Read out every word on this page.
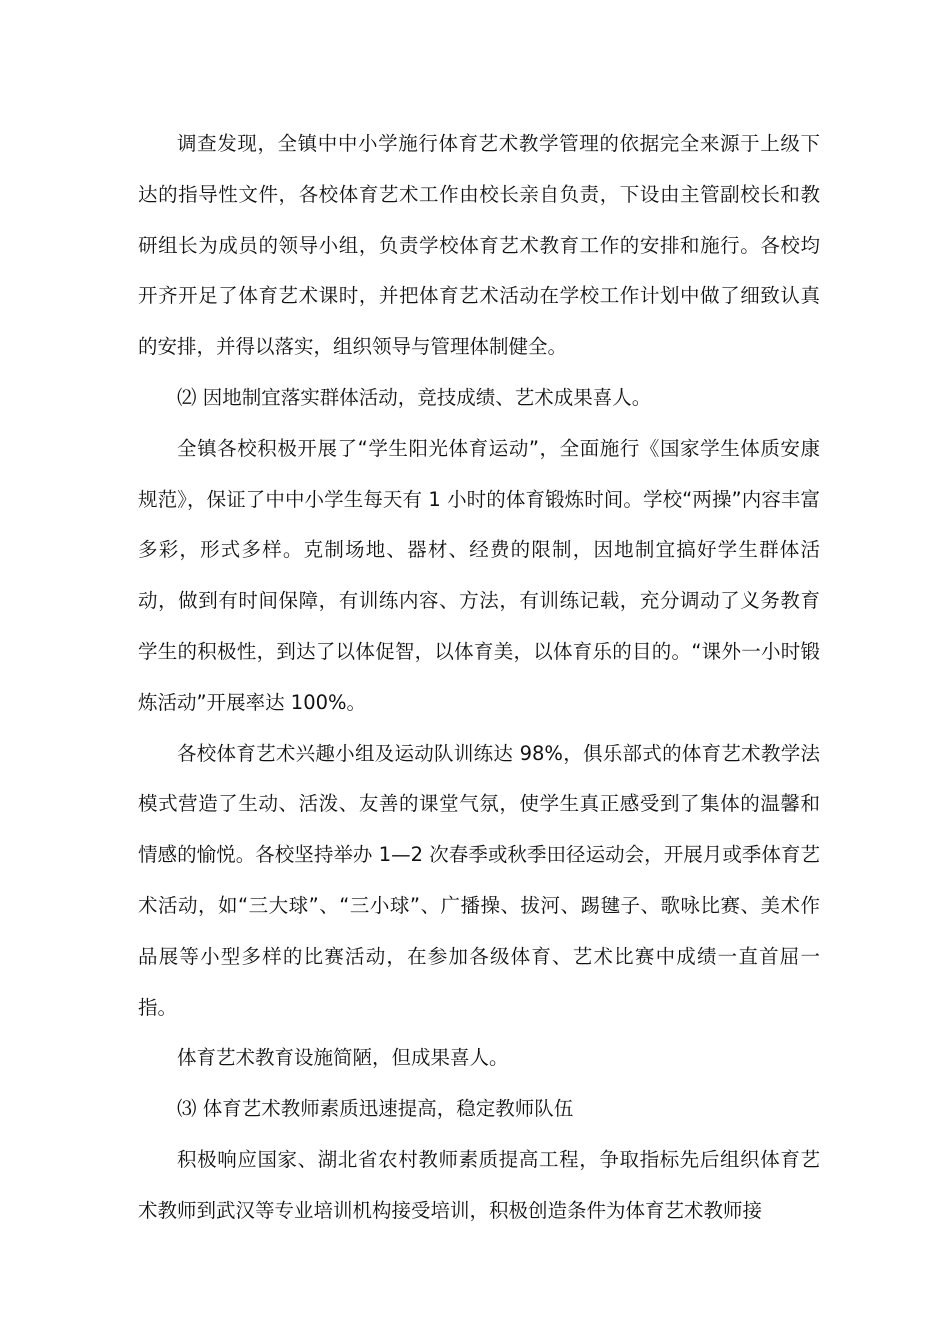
调查发现，全镇中中小学施行体育艺术教学管理的依据完全来源于上级下达的指导性文件，各校体育艺术工作由校长亲自负责，下设由主管副校长和教研组长为成员的领导小组，负责学校体育艺术教育工作的安排和施行。各校均开齐开足了体育艺术课时，并把体育艺术活动在学校工作计划中做了细致认真的安排，并得以落实，组织领导与管理体制健全。

⑵ 因地制宜落实群体活动，竞技成绩、艺术成果喜人。

全镇各校积极开展了“学生阳光体育运动”，全面施行《国家学生体质安康规范》，保证了中中小学生每天有 1 小时的体育锻炼时间。学校“两操”内容丰富多彩，形式多样。克制场地、器材、经费的限制，因地制宜搞好学生群体活动，做到有时间保障，有训练内容、方法，有训练记载，充分调动了义务教育学生的积极性，到达了以体促智，以体育美，以体育乐的目的。“课外一小时锻炼活动”开展率达 100%。

各校体育艺术兴趣小组及运动队训练达 98%，俱乐部式的体育艺术教学法模式营造了生动、活泼、友善的课堂气氛，使学生真正感受到了集体的温馨和情感的愉悦。各校坚持举办 1—2 次春季或秋季田径运动会，开展月或季体育艺术活动，如“三大球”、“三小球”、广播操、拔河、踢毽子、歌咏比赛、美术作品展等小型多样的比赛活动，在参加各级体育、艺术比赛中成绩一直首屈一指。

体育艺术教育设施简陋，但成果喜人。

⑶ 体育艺术教师素质迅速提高，稳定教师队伍

积极响应国家、湖北省农村教师素质提高工程，争取指标先后组织体育艺术教师到武汉等专业培训机构接受培训，积极创造条件为体育艺术教师接
